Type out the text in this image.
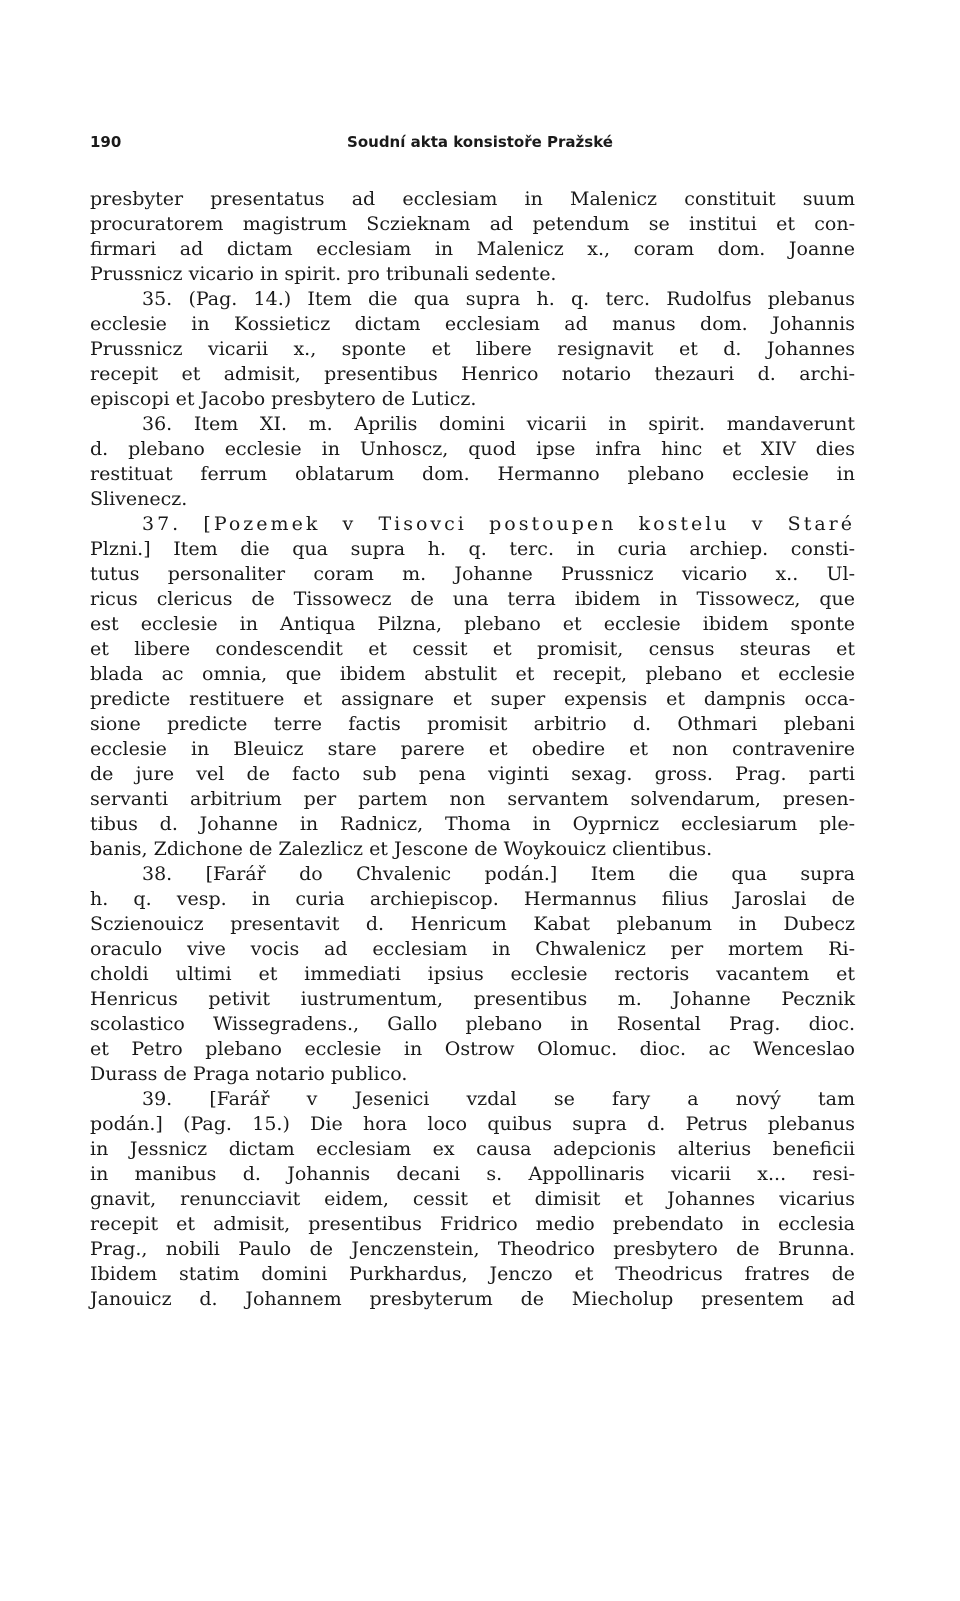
190	Soudní akta konsistoře Pražské
presbyter presentatus ad ecclesiam in Malenicz constituit suum
procuratorem magistrum Sczieknam ad petendum se institui et con-
firmari ad dictam ecclesiam in Malenicz x., coram dom. Joanne
Prussnicz vicario in spirit. pro tribunali sedente.
35. (Pag. 14.) Item die qua supra h. q. terc. Rudolfus plebanus
ecclesie in Kossieticz dictam ecclesiam ad manus dom. Johannis
Prussnicz vicarii x., sponte et libere resignavit et d. Johannes
recepit et admisit, presentibus Henrico notario thezauri d. archi-
episcopi et Jacobo presbytero de Luticz.
36. Item XI. m. Aprilis domini vicarii in spirit. mandaverunt
d. plebano ecclesie in Unhoscz, quod ipse infra hinc et XIV dies
restituat ferrum oblatarum dom. Hermanno plebano ecclesie in
Slivenecz.
37. [Pozemek v Tisovci postoupen kostelu v Staré
Plzni.] Item die qua supra h. q. terc. in curia archiep. consti-
tutus personaliter coram m. Johanne Prussnicz vicario x.. Ul-
ricus clericus de Tissowecz de una terra ibidem in Tissowecz, que
est ecclesie in Antiqua Pilzna, plebano et ecclesie ibidem sponte
et libere condescendit et cessit et promisit, census steuras et
blada ac omnia, que ibidem abstulit et recepit, plebano et ecclesie
predicte restituere et assignare et super expensis et dampnis occa-
sione predicte terre factis promisit arbitrio d. Othmari plebani
ecclesie in Bleuicz stare parere et obedire et non contravenire
de jure vel de facto sub pena viginti sexag. gross. Prag. parti
servanti arbitrium per partem non servantem solvendarum, presen-
tibus d. Johanne in Radnicz, Thoma in Oyprnicz ecclesiarum ple-
banis, Zdichone de Zalezlicz et Jescone de Woykouicz clientibus.
38. [Farář do Chvalenic podán.] Item die qua supra
h. q. vesp. in curia archiepiscop. Hermannus filius Jaroslai de
Sczienouicz presentavit d. Henricum Kabat plebanum in Dubecz
oraculo vive vocis ad ecclesiam in Chwalenicz per mortem Ri-
choldi ultimi et immediati ipsius ecclesie rectoris vacantem et
Henricus petivit iustrumentum, presentibus m. Johanne Pecznik
scolastico Wissegradens., Gallo plebano in Rosental Prag. dioc.
et Petro plebano ecclesie in Ostrow Olomuc. dioc. ac Wenceslao
Durass de Praga notario publico.
39. [Farář v Jesenici vzdal se fary a nový tam
podán.] (Pag. 15.) Die hora loco quibus supra d. Petrus plebanus
in Jessnicz dictam ecclesiam ex causa adepcionis alterius beneficii
in manibus d. Johannis decani s. Appollinaris vicarii x... resi-
gnavit, renuncciavit eidem, cessit et dimisit et Johannes vicarius
recepit et admisit, presentibus Fridrico medio prebendato in ecclesia
Prag., nobili Paulo de Jenczenstein, Theodrico presbytero de Brunna.
Ibidem statim domini Purkhardus, Jenczo et Theodricus fratres de
Janouicz d. Johannem presbyterum de Miecholup presentem ad
